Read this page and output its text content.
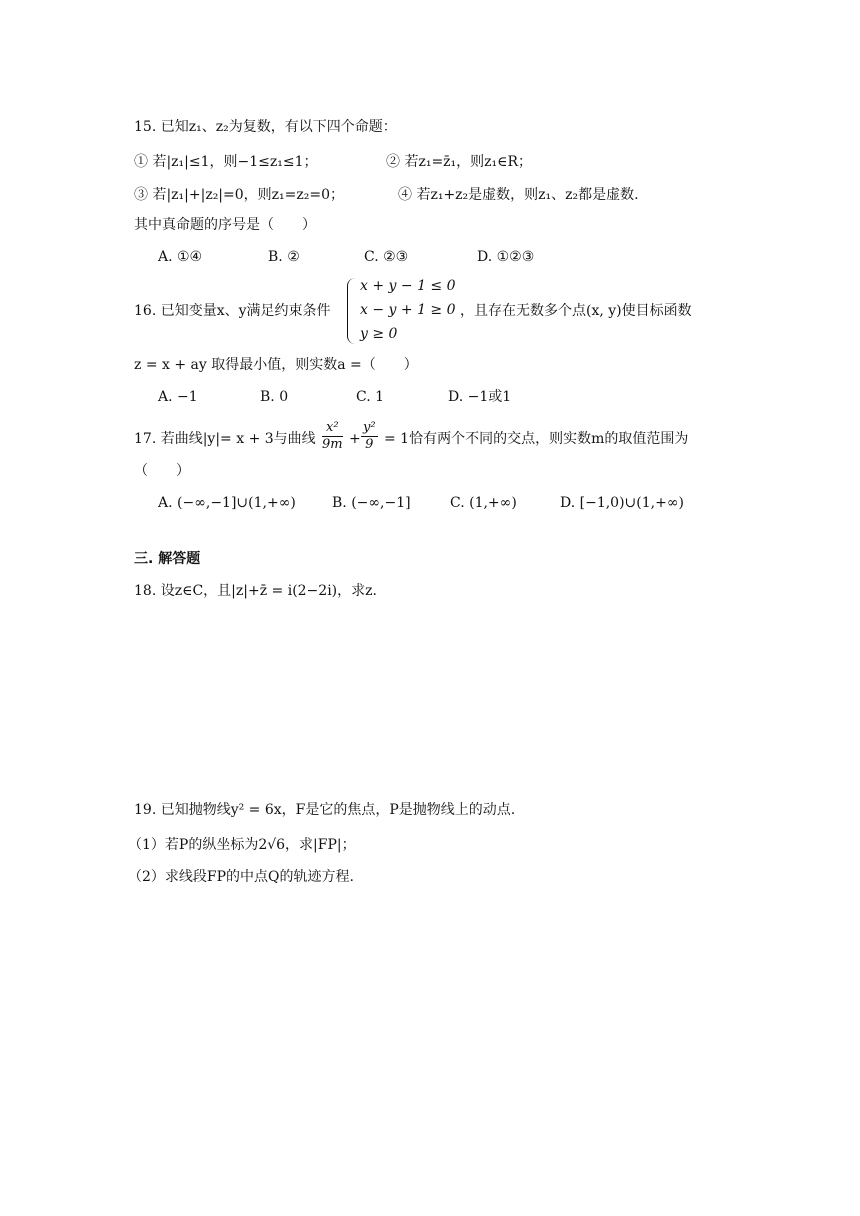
15. 已知z₁、z₂为复数，有以下四个命题：
① 若|z₁|≤1，则−1≤z₁≤1；	② 若z₁=z̄₁，则z₁∈R；
③ 若|z₁|+|z₂|=0，则z₁=z₂=0；	④ 若z₁+z₂是虚数，则z₁、z₂都是虚数.
其中真命题的序号是（　　）
A. ①④	B. ②	C. ②③	D. ①②③
16. 已知变量x、y满足约束条件
x + y − 1 ≤ 0
x − y + 1 ≥ 0
y ≥ 0
，且存在无数多个点(x, y)使目标函数
z = x + ay 取得最小值，则实数a =（　　）
A. −1	B. 0	C. 1	D. −1或1
17. 若曲线|y|= x + 3与曲线 $\frac{\text{x²}}{9m} + \frac{\text{y²}}{9} = 1$恰有两个不同的交点，则实数m的取值范围为
（　　）
A. (−∞,−1]∪(1,+∞)	B. (−∞,−1]	C. (1,+∞)	D. [−1,0)∪(1,+∞)
三. 解答题
18. 设z∈C，且|z|+z̄ = i(2−2i)，求z.
19. 已知抛物线y² = 6x，F是它的焦点，P是抛物线上的动点.
（1）若P的纵坐标为2√6，求|FP|；
（2）求线段FP的中点Q的轨迹方程.
